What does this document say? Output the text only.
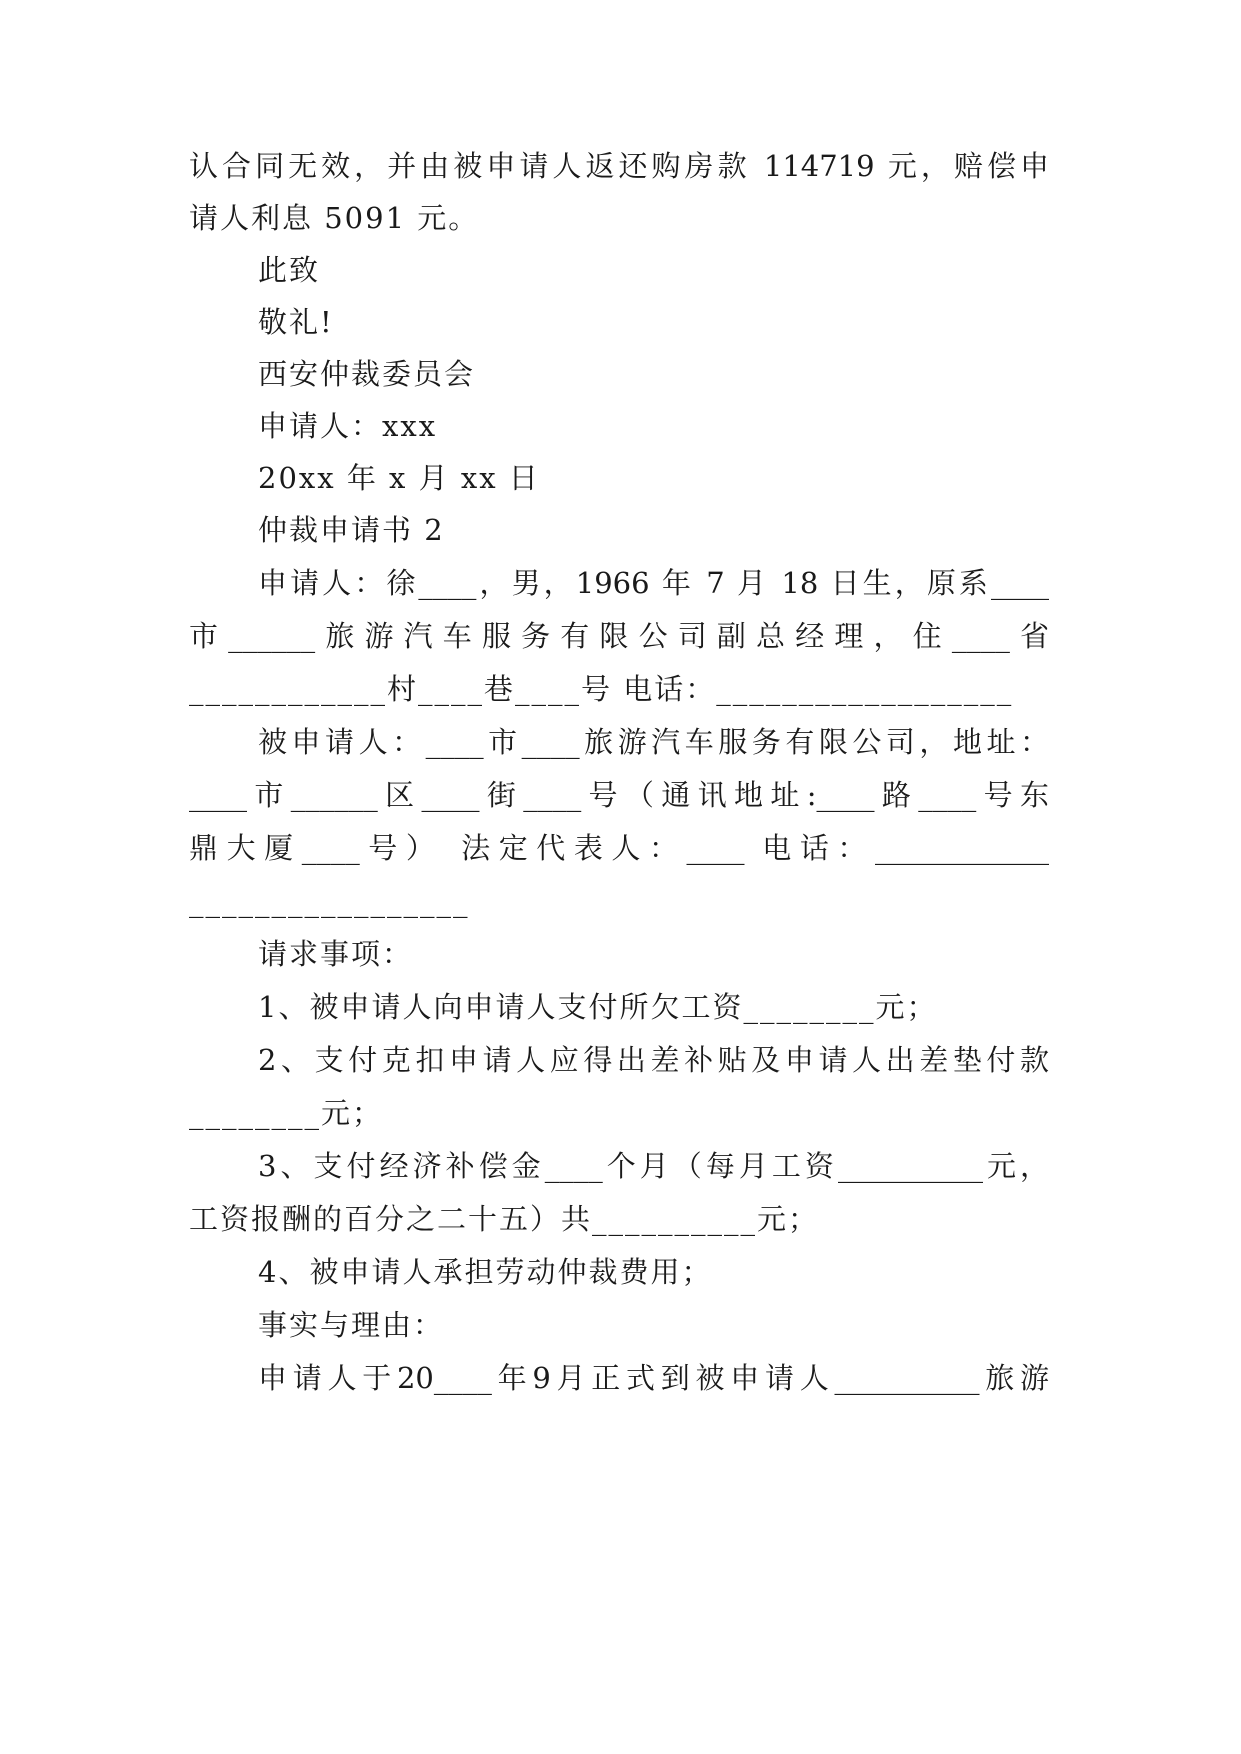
认合同无效，并由被申请人返还购房款 114719 元，赔偿申
请人利息 5091 元。
此致
敬礼!
西安仲裁委员会
申请人：xxx
20xx 年 x 月 xx 日
仲裁申请书 2
申请人：徐____，男，1966 年 7 月 18 日生，原系____
市______旅游汽车服务有限公司副总经理，住____省
____________村____巷____号 电话：__________________
被申请人：____市____旅游汽车服务有限公司，地址：
____市______区____街____号（通讯地址:____路____号东
鼎大厦____号） 法定代表人：____ 电话：____________
_________________
请求事项：
1、被申请人向申请人支付所欠工资________元；
2、支付克扣申请人应得出差补贴及申请人出差垫付款
________元；
3、支付经济补偿金____个月（每月工资__________元，
工资报酬的百分之二十五）共__________元；
4、被申请人承担劳动仲裁费用；
事实与理由：
申请人于20____年9月正式到被申请人__________旅游
